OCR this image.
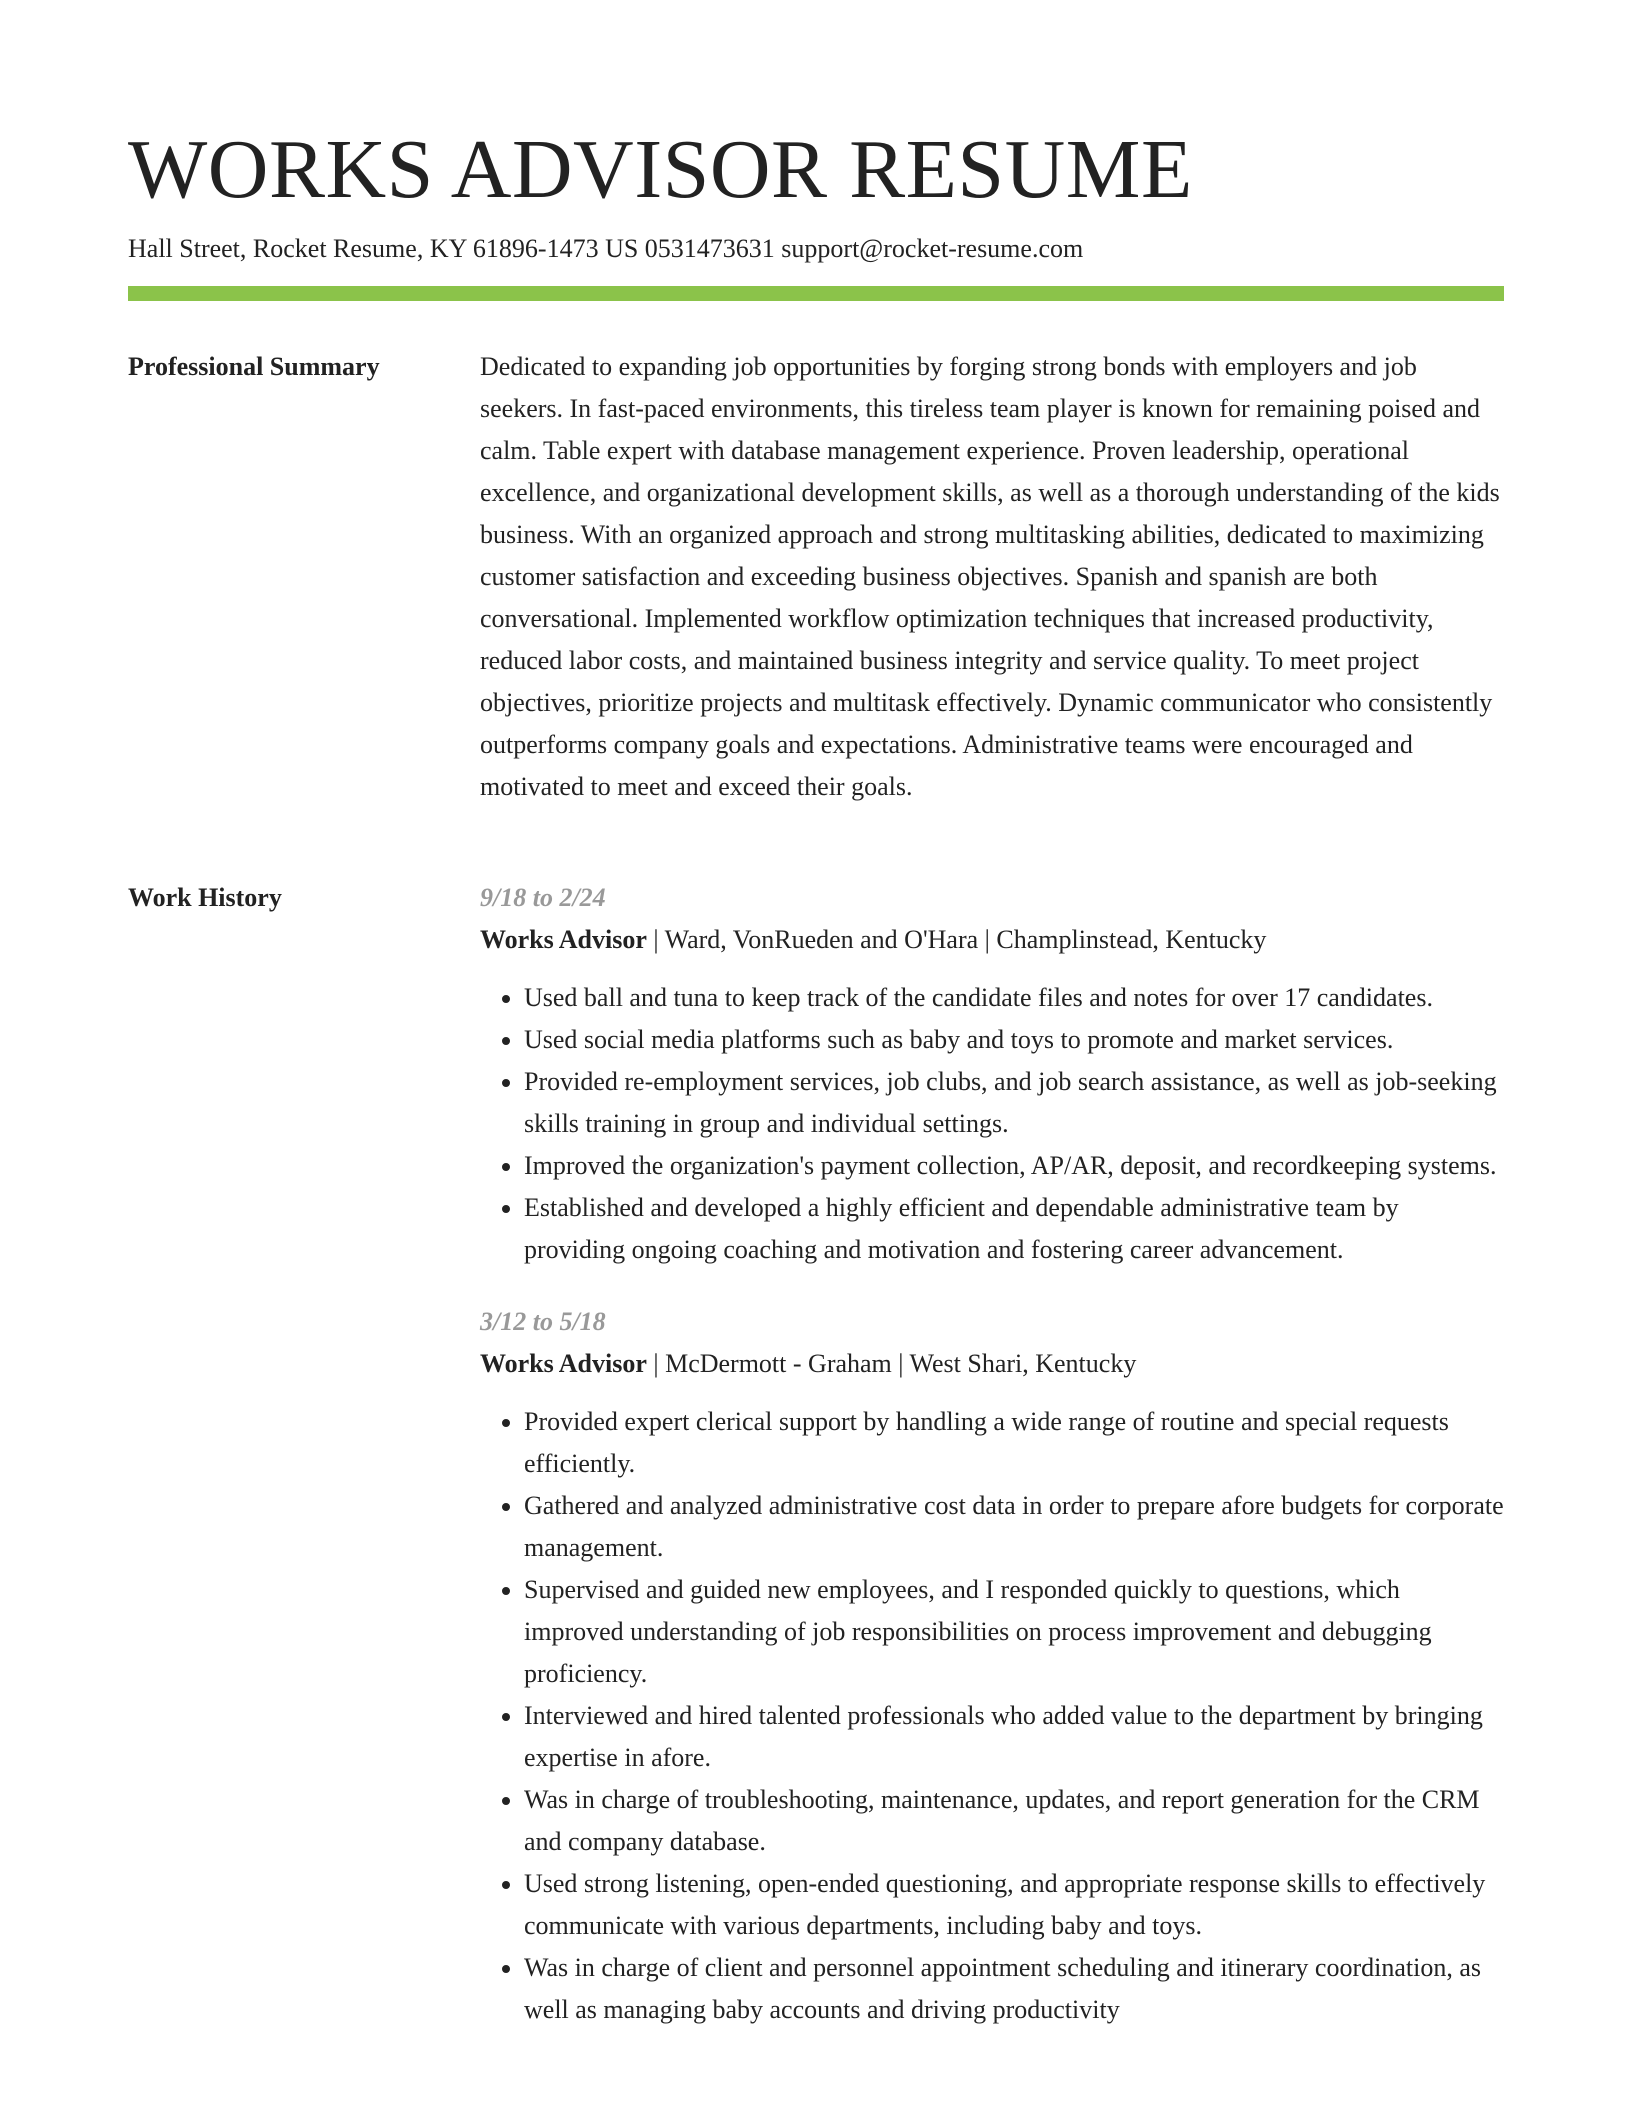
WORKS ADVISOR RESUME
Hall Street, Rocket Resume, KY 61896-1473 US 0531473631 support@rocket-resume.com
Professional Summary	Dedicated to expanding job opportunities by forging strong bonds with employers and job seekers. In fast-paced environments, this tireless team player is known for remaining poised and calm. Table expert with database management experience. Proven leadership, operational excellence, and organizational development skills, as well as a thorough understanding of the kids business. With an organized approach and strong multitasking abilities, dedicated to maximizing customer satisfaction and exceeding business objectives. Spanish and spanish are both conversational. Implemented workflow optimization techniques that increased productivity, reduced labor costs, and maintained business integrity and service quality. To meet project objectives, prioritize projects and multitask effectively. Dynamic communicator who consistently outperforms company goals and expectations. Administrative teams were encouraged and motivated to meet and exceed their goals.

Work History	9/18 to 2/24
Works Advisor | Ward, VonRueden and O'Hara | Champlinstead, Kentucky
• Used ball and tuna to keep track of the candidate files and notes for over 17 candidates.
• Used social media platforms such as baby and toys to promote and market services.
• Provided re-employment services, job clubs, and job search assistance, as well as job-seeking skills training in group and individual settings.
• Improved the organization's payment collection, AP/AR, deposit, and recordkeeping systems.
• Established and developed a highly efficient and dependable administrative team by providing ongoing coaching and motivation and fostering career advancement.
3/12 to 5/18
Works Advisor | McDermott - Graham | West Shari, Kentucky
• Provided expert clerical support by handling a wide range of routine and special requests efficiently.
• Gathered and analyzed administrative cost data in order to prepare afore budgets for corporate management.
• Supervised and guided new employees, and I responded quickly to questions, which improved understanding of job responsibilities on process improvement and debugging proficiency.
• Interviewed and hired talented professionals who added value to the department by bringing expertise in afore.
• Was in charge of troubleshooting, maintenance, updates, and report generation for the CRM and company database.
• Used strong listening, open-ended questioning, and appropriate response skills to effectively communicate with various departments, including baby and toys.
• Was in charge of client and personnel appointment scheduling and itinerary coordination, as well as managing baby accounts and driving productivity
